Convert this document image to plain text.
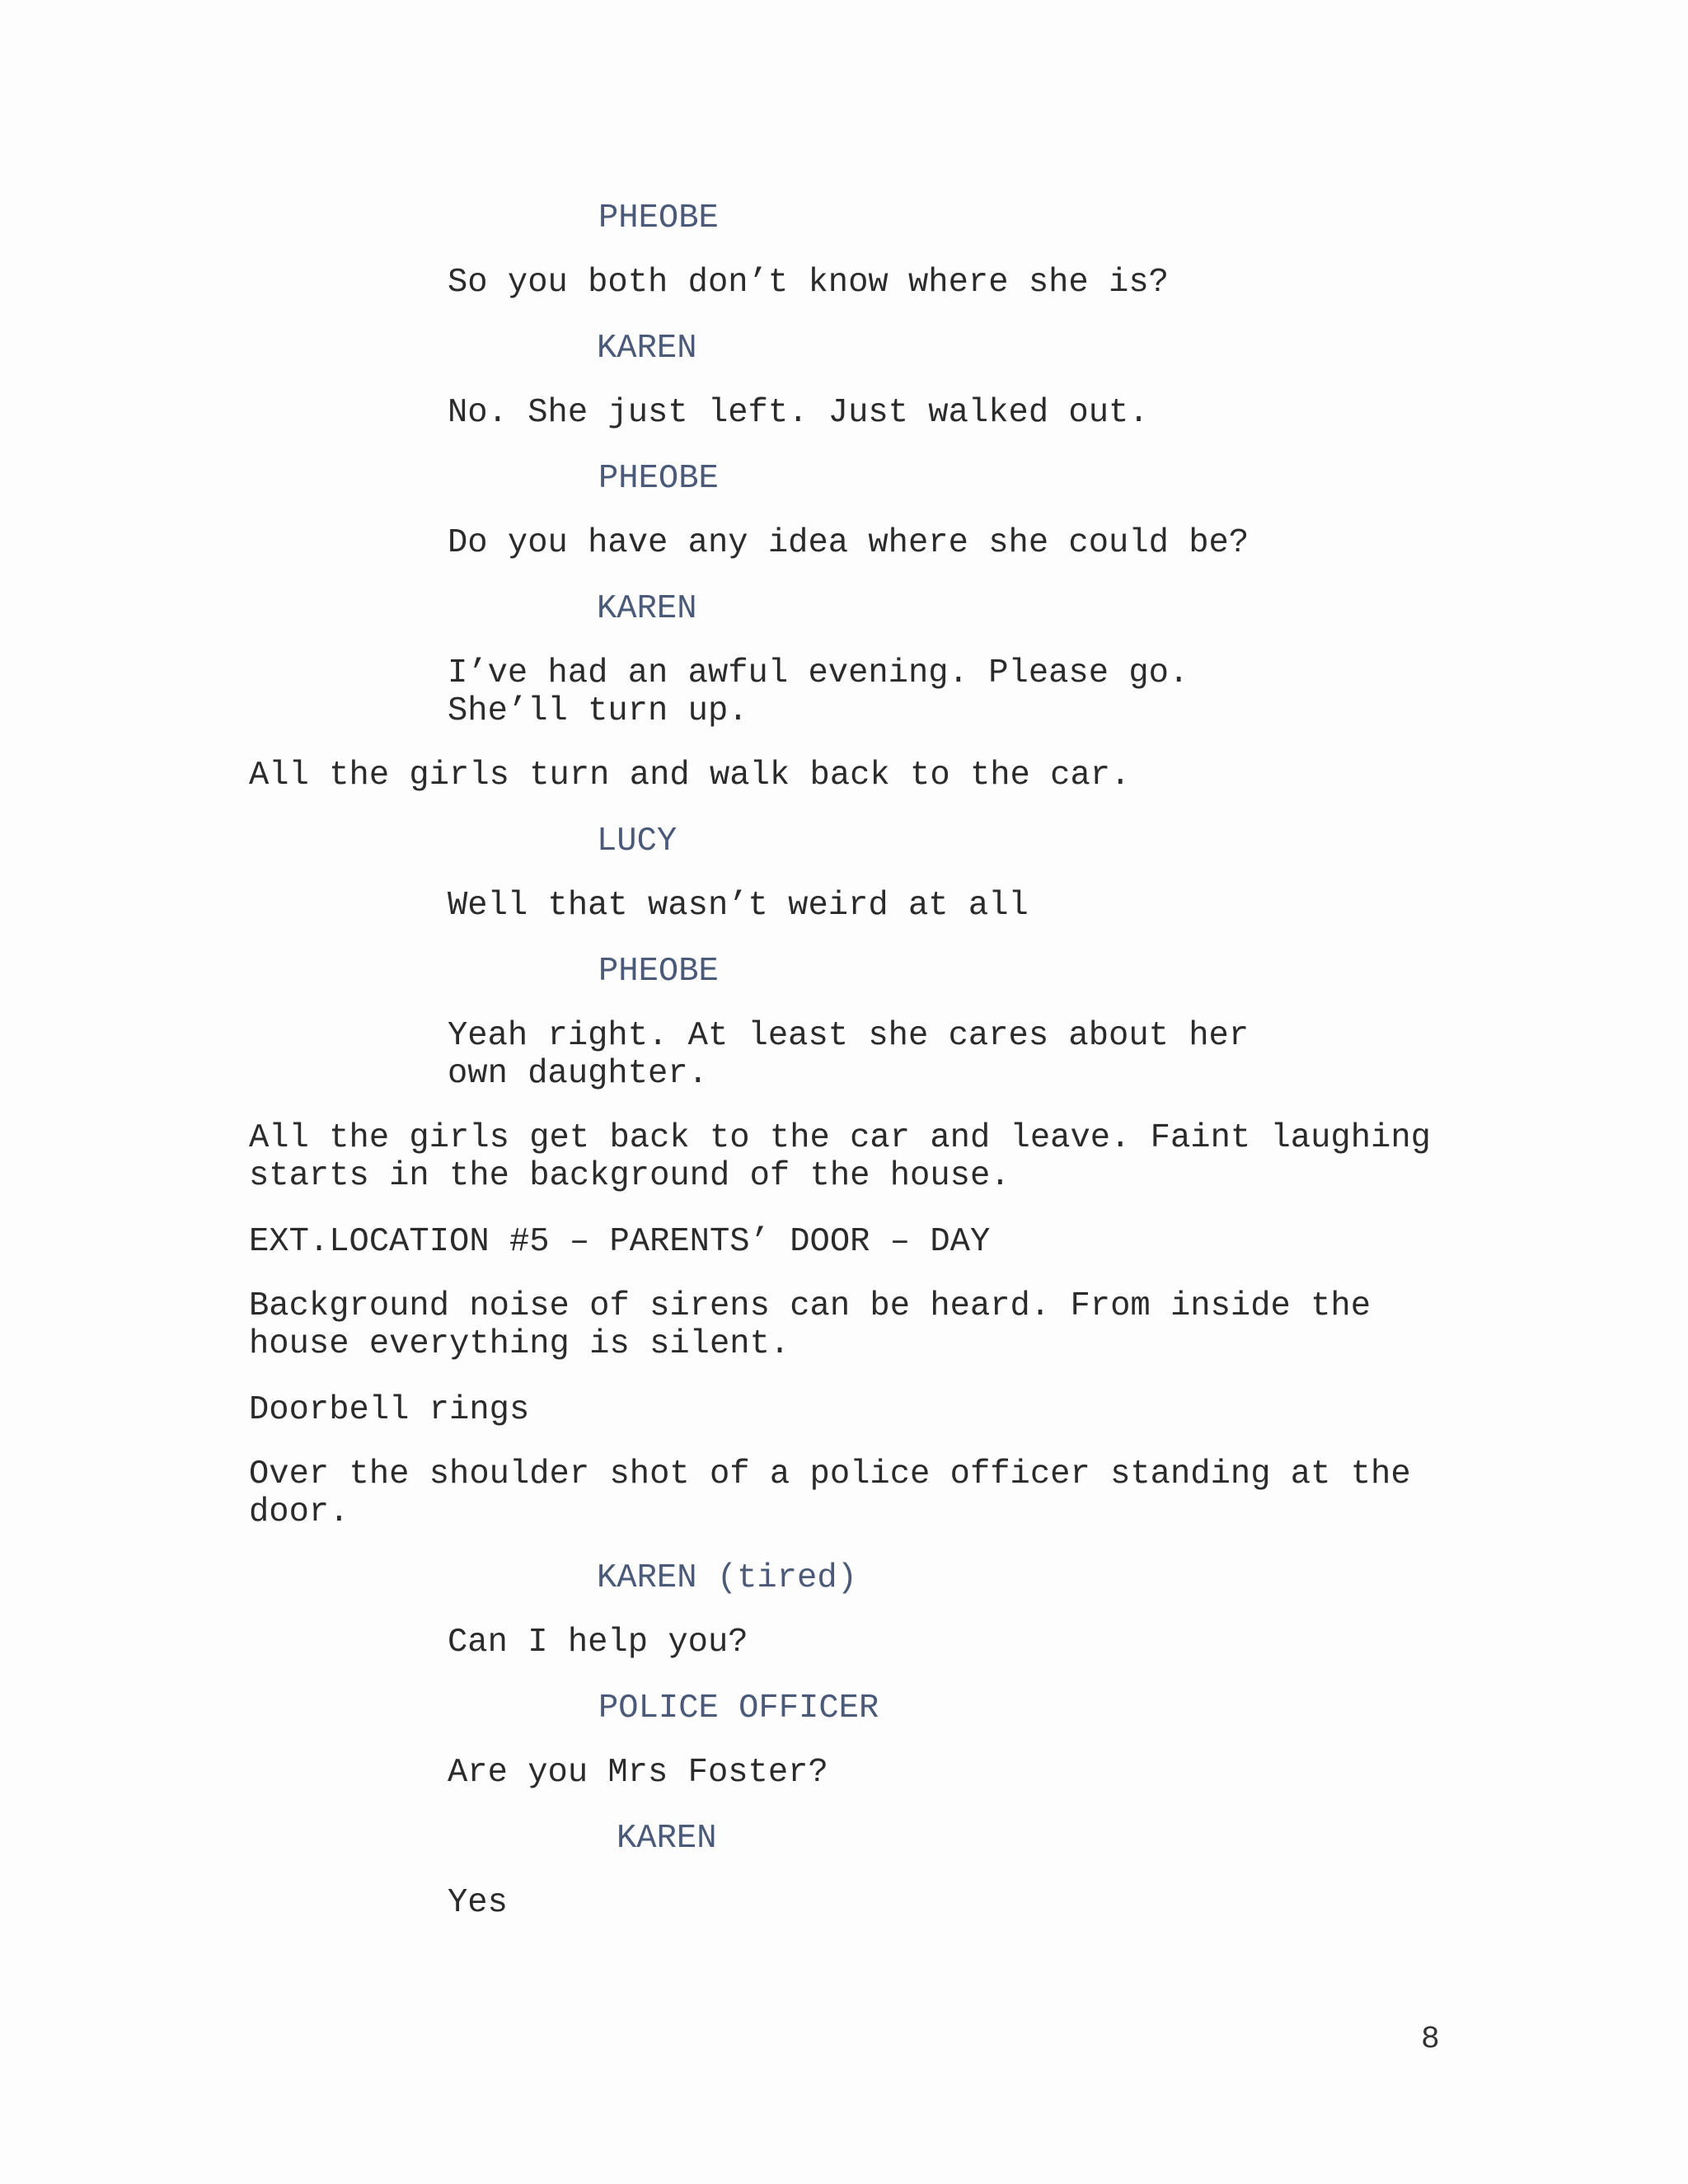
PHEOBE

So you both don’t know where she is?

KAREN

No. She just left. Just walked out.

PHEOBE

Do you have any idea where she could be?

KAREN

I’ve had an awful evening. Please go.

She’ll turn up.

All the girls turn and walk back to the car.

LUCY

Well that wasn’t weird at all

PHEOBE

Yeah right. At least she cares about her

own daughter.

All the girls get back to the car and leave. Faint laughing

starts in the background of the house.

EXT.LOCATION #5 – PARENTS’ DOOR – DAY

Background noise of sirens can be heard. From inside the

house everything is silent.

Doorbell rings

Over the shoulder shot of a police officer standing at the

door.

KAREN (tired)

Can I help you?

POLICE OFFICER

Are you Mrs Foster?

KAREN

Yes

8
